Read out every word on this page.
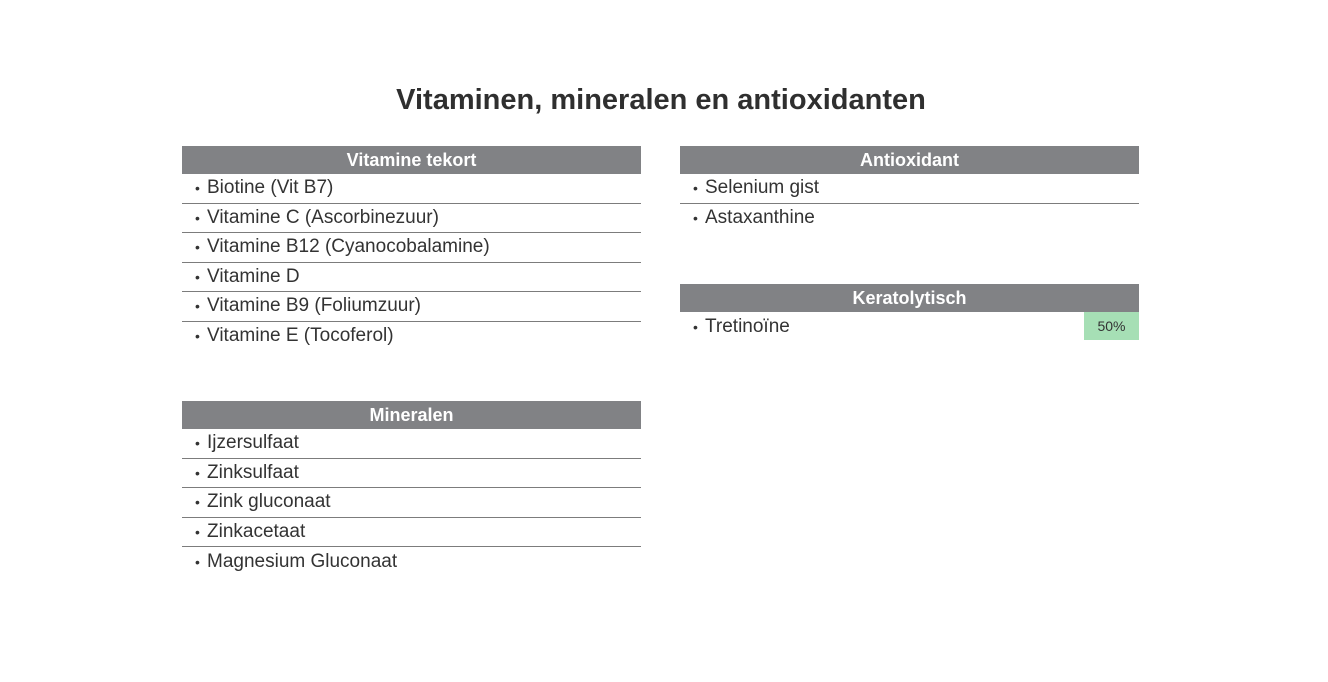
Vitaminen, mineralen en antioxidanten
Vitamine tekort
• Biotine (Vit B7)
• Vitamine C (Ascorbinezuur)
• Vitamine B12 (Cyanocobalamine)
• Vitamine D
• Vitamine B9 (Foliumzuur)
• Vitamine E (Tocoferol)
Mineralen
• Ijzersulfaat
• Zinksulfaat
• Zink gluconaat
• Zinkacetaat
• Magnesium Gluconaat
Antioxidant
• Selenium gist
• Astaxanthine
Keratolytisch
• Tretinoïne	50%
